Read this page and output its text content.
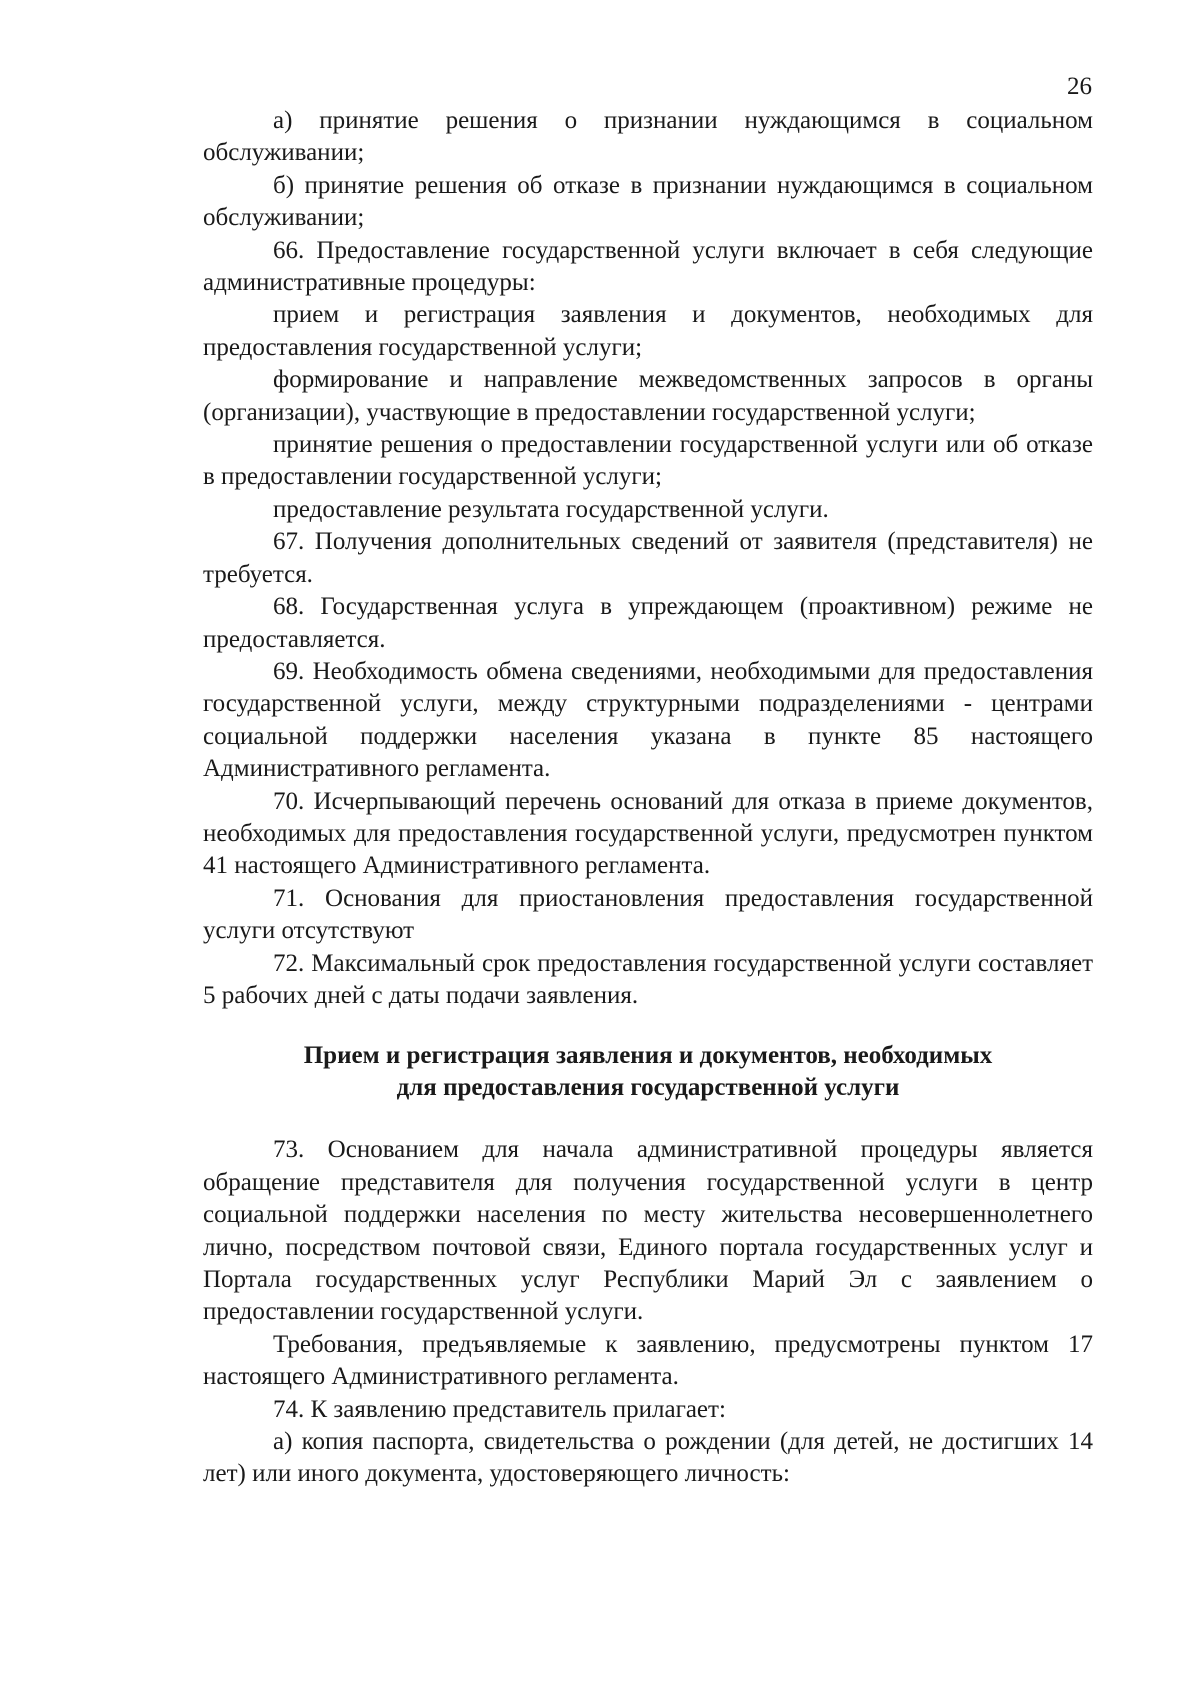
26

а) принятие решения о признании нуждающимся в социальном обслуживании;

б) принятие решения об отказе в признании нуждающимся в социальном обслуживании;

66. Предоставление государственной услуги включает в себя следующие административные процедуры:

прием и регистрация заявления и документов, необходимых для предоставления государственной услуги;

формирование и направление межведомственных запросов в органы (организации), участвующие в предоставлении государственной услуги;

принятие решения о предоставлении государственной услуги или об отказе в предоставлении государственной услуги;

предоставление результата государственной услуги.

67. Получения дополнительных сведений от заявителя (представителя) не требуется.

68. Государственная услуга в упреждающем (проактивном) режиме не предоставляется.

69. Необходимость обмена сведениями, необходимыми для предоставления государственной услуги, между структурными подразделениями - центрами социальной поддержки населения указана в пункте 85 настоящего Административного регламента.

70. Исчерпывающий перечень оснований для отказа в приеме документов, необходимых для предоставления государственной услуги, предусмотрен пунктом 41 настоящего Административного регламента.

71. Основания для приостановления предоставления государственной услуги отсутствуют

72. Максимальный срок предоставления государственной услуги составляет 5 рабочих дней с даты подачи заявления.

Прием и регистрация заявления и документов, необходимых
для предоставления государственной услуги

73. Основанием для начала административной процедуры является обращение представителя для получения государственной услуги в центр социальной поддержки населения по месту жительства несовершеннолетнего лично, посредством почтовой связи, Единого портала государственных услуг и Портала государственных услуг Республики Марий Эл с заявлением о предоставлении государственной услуги.

Требования, предъявляемые к заявлению, предусмотрены пунктом 17 настоящего Административного регламента.

74. К заявлению представитель прилагает:

а) копия паспорта, свидетельства о рождении (для детей, не достигших 14 лет) или иного документа, удостоверяющего личность:
